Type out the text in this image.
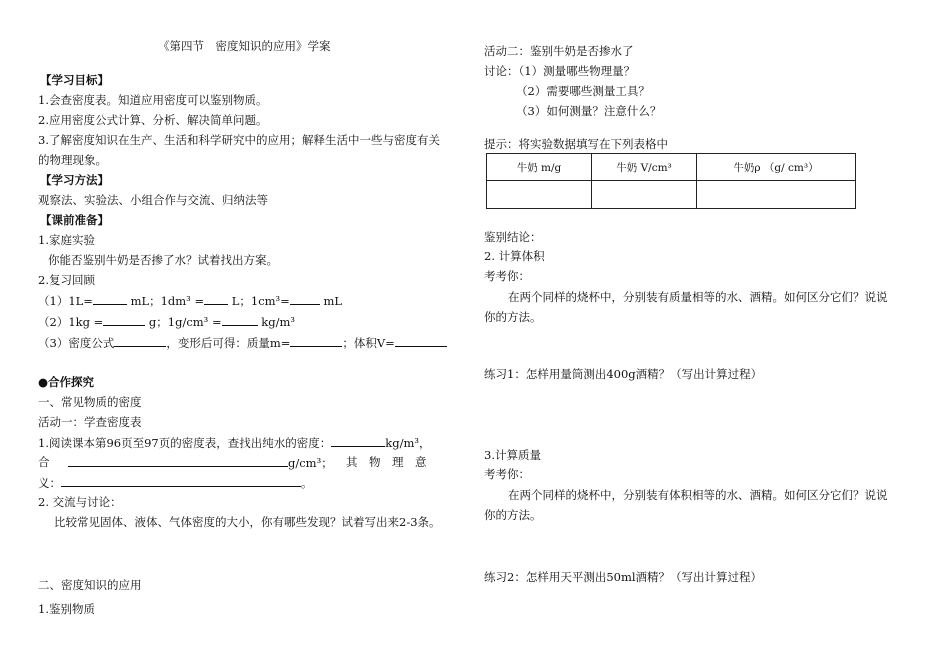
《第四节　密度知识的应用》学案
【学习目标】
1.会查密度表。知道应用密度可以鉴别物质。
2.应用密度公式计算、分析、解决简单问题。
3.了解密度知识在生产、生活和科学研究中的应用；解释生活中一些与密度有关
的物理现象。
【学习方法】
观察法、实验法、小组合作与交流、归纳法等
【课前准备】
1.家庭实验
你能否鉴别牛奶是否掺了水？试着找出方案。
2.复习回顾
（1）1L=	mL；1dm³ = L；1cm³=	mL
（2）1kg =	g；1g/cm³ =	kg/m³
（3）密度公式	，变形后可得：质量m=	；体积V=
●合作探究
一、常见物质的密度
活动一：学查密度表
1.阅读课本第96页至97页的密度表，查找出纯水的密度：	kg/m³，
合	g/cm³； 其　物　理　意
义：	。
2. 交流与讨论：
比较常见固体、液体、气体密度的大小，你有哪些发现？试着写出来2-3条。
二、密度知识的应用
1.鉴别物质
活动二：鉴别牛奶是否掺水了
讨论：（1）测量哪些物理量？
（2）需要哪些测量工具？
（3）如何测量？注意什么？
提示：将实验数据填写在下列表格中
牛奶 m/g	牛奶 V/cm³	牛奶ρ （g/ cm³）

鉴别结论：
2. 计算体积
考考你：
在两个同样的烧杯中，分别装有质量相等的水、酒精。如何区分它们？说说
你的方法。
练习1：怎样用量筒测出400g酒精？（写出计算过程）
3.计算质量
考考你：
在两个同样的烧杯中，分别装有体积相等的水、酒精。如何区分它们？说说
你的方法。
练习2：怎样用天平测出50ml酒精？（写出计算过程）
